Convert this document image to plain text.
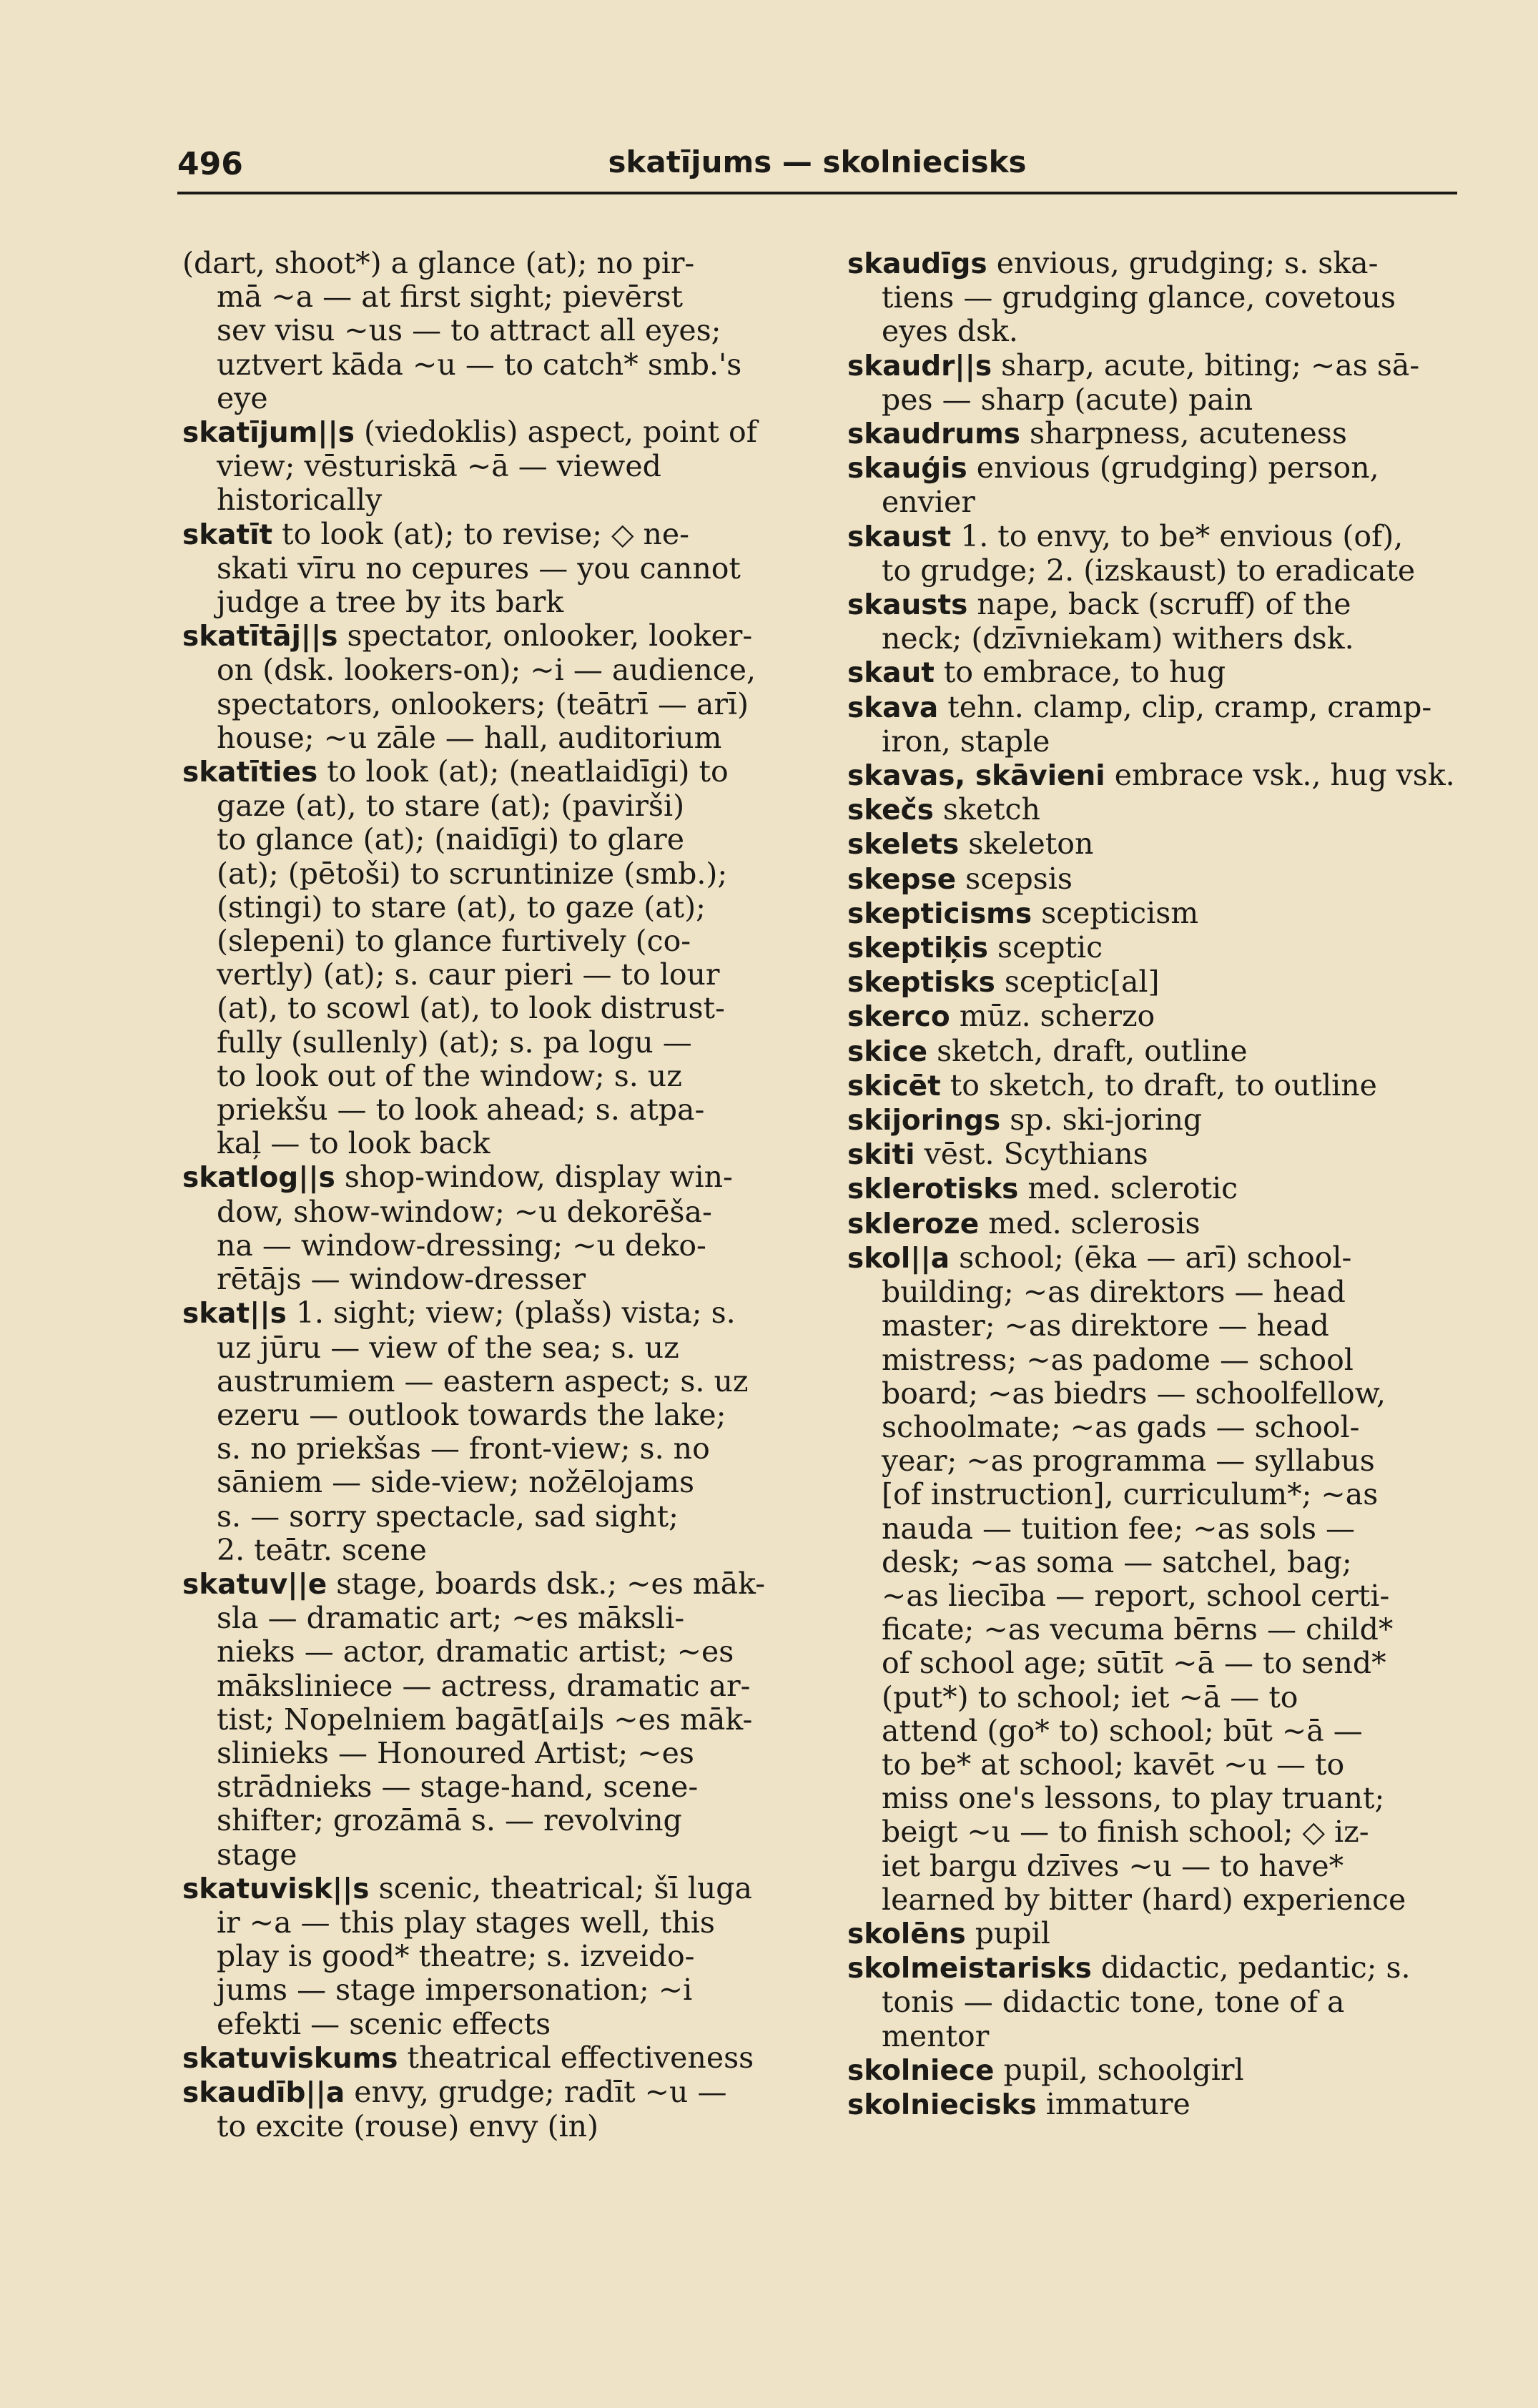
496	skatījums — skolniecisks

(dart, shoot*) a glance (at); no pir-
mā ~a — at first sight; pievērst
sev visu ~us — to attract all eyes;
uztvert kāda ~u — to catch* smb.'s
eye

skatījum||s (viedoklis) aspect, point of
view; vēsturiskā ~ā — viewed
historically

skatīt to look (at); to revise; ◇ ne-
skati vīru no cepures — you cannot
judge a tree by its bark

skatītāj||s spectator, onlooker, looker-
on (dsk. lookers-on); ~i — audience,
spectators, onlookers; (teātrī — arī)
house; ~u zāle — hall, auditorium

skatīties to look (at); (neatlaidīgi) to
gaze (at), to stare (at); (pavirši)
to glance (at); (naidīgi) to glare
(at); (pētoši) to scruntinize (smb.);
(stingi) to stare (at), to gaze (at);
(slepeni) to glance furtively (co-
vertly) (at); s. caur pieri — to lour
(at), to scowl (at), to look distrust-
fully (sullenly) (at); s. pa logu —
to look out of the window; s. uz
priekšu — to look ahead; s. atpa-
kaļ — to look back

skatlog||s shop-window, display win-
dow, show-window; ~u dekorēša-
na — window-dressing; ~u deko-
rētājs — window-dresser

skat||s 1. sight; view; (plašs) vista; s.
uz jūru — view of the sea; s. uz
austrumiem — eastern aspect; s. uz
ezeru — outlook towards the lake;
s. no priekšas — front-view; s. no
sāniem — side-view; nožēlojams
s. — sorry spectacle, sad sight;
2. teātr. scene

skatuv||e stage, boards dsk.; ~es māk-
sla — dramatic art; ~es māksli-
nieks — actor, dramatic artist; ~es
māksliniece — actress, dramatic ar-
tist; Nopelniem bagāt[ai]s ~es māk-
slinieks — Honoured Artist; ~es
strādnieks — stage-hand, scene-
shifter; grozāmā s. — revolving
stage

skatuvisk||s scenic, theatrical; šī luga
ir ~a — this play stages well, this
play is good* theatre; s. izveido-
jums — stage impersonation; ~i
efekti — scenic effects

skatuviskums theatrical effectiveness

skaudīb||a envy, grudge; radīt ~u —
to excite (rouse) envy (in)

skaudīgs envious, grudging; s. ska-
tiens — grudging glance, covetous
eyes dsk.

skaudr||s sharp, acute, biting; ~as sā-
pes — sharp (acute) pain

skaudrums sharpness, acuteness

skauģis envious (grudging) person,
envier

skaust 1. to envy, to be* envious (of),
to grudge; 2. (izskaust) to eradicate

skausts nape, back (scruff) of the
neck; (dzīvniekam) withers dsk.

skaut to embrace, to hug

skava tehn. clamp, clip, cramp, cramp-
iron, staple

skavas, skāvieni embrace vsk., hug vsk.

skečs sketch

skelets skeleton

skepse scepsis

skepticisms scepticism

skeptiķis sceptic

skeptisks sceptic[al]

skerco mūz. scherzo

skice sketch, draft, outline

skicēt to sketch, to draft, to outline

skijorings sp. ski-joring

skiti vēst. Scythians

sklerotisks med. sclerotic

skleroze med. sclerosis

skol||a school; (ēka — arī) school-
building; ~as direktors — head
master; ~as direktore — head
mistress; ~as padome — school
board; ~as biedrs — schoolfellow,
schoolmate; ~as gads — school-
year; ~as programma — syllabus
[of instruction], curriculum*; ~as
nauda — tuition fee; ~as sols —
desk; ~as soma — satchel, bag;
~as liecība — report, school certi-
ficate; ~as vecuma bērns — child*
of school age; sūtīt ~ā — to send*
(put*) to school; iet ~ā — to
attend (go* to) school; būt ~ā —
to be* at school; kavēt ~u — to
miss one's lessons, to play truant;
beigt ~u — to finish school; ◇ iz-
iet bargu dzīves ~u — to have*
learned by bitter (hard) experience

skolēns pupil

skolmeistarisks didactic, pedantic; s.
tonis — didactic tone, tone of a
mentor

skolniece pupil, schoolgirl

skolniecisks immature
